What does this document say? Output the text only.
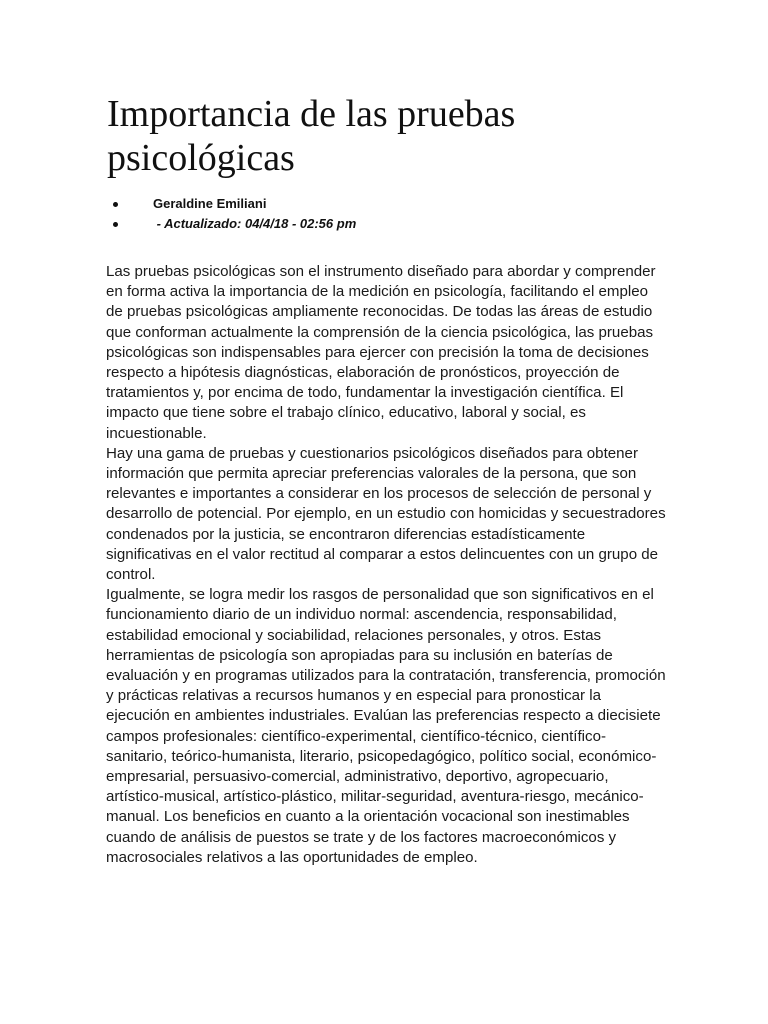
Importancia de las pruebas psicológicas
Geraldine Emiliani
- Actualizado: 04/4/18 - 02:56 pm

Las pruebas psicológicas son el instrumento diseñado para abordar y comprender en forma activa la importancia de la medición en psicología, facilitando el empleo de pruebas psicológicas ampliamente reconocidas. De todas las áreas de estudio que conforman actualmente la comprensión de la ciencia psicológica, las pruebas psicológicas son indispensables para ejercer con precisión la toma de decisiones respecto a hipótesis diagnósticas, elaboración de pronósticos, proyección de tratamientos y, por encima de todo, fundamentar la investigación científica. El impacto que tiene sobre el trabajo clínico, educativo, laboral y social, es incuestionable.

Hay una gama de pruebas y cuestionarios psicológicos diseñados para obtener información que permita apreciar preferencias valorales de la persona, que son relevantes e importantes a considerar en los procesos de selección de personal y desarrollo de potencial. Por ejemplo, en un estudio con homicidas y secuestradores condenados por la justicia, se encontraron diferencias estadísticamente significativas en el valor rectitud al comparar a estos delincuentes con un grupo de control.

Igualmente, se logra medir los rasgos de personalidad que son significativos en el funcionamiento diario de un individuo normal: ascendencia, responsabilidad, estabilidad emocional y sociabilidad, relaciones personales, y otros. Estas herramientas de psicología son apropiadas para su inclusión en baterías de evaluación y en programas utilizados para la contratación, transferencia, promoción y prácticas relativas a recursos humanos y en especial para pronosticar la ejecución en ambientes industriales. Evalúan las preferencias respecto a diecisiete campos profesionales: científico-experimental, científico-técnico, científico-sanitario, teórico-humanista, literario, psicopedagógico, político social, económico-empresarial, persuasivo-comercial, administrativo, deportivo, agropecuario, artístico-musical, artístico-plástico, militar-seguridad, aventura-riesgo, mecánico-manual. Los beneficios en cuanto a la orientación vocacional son inestimables cuando de análisis de puestos se trate y de los factores macroeconómicos y macrosociales relativos a las oportunidades de empleo.
